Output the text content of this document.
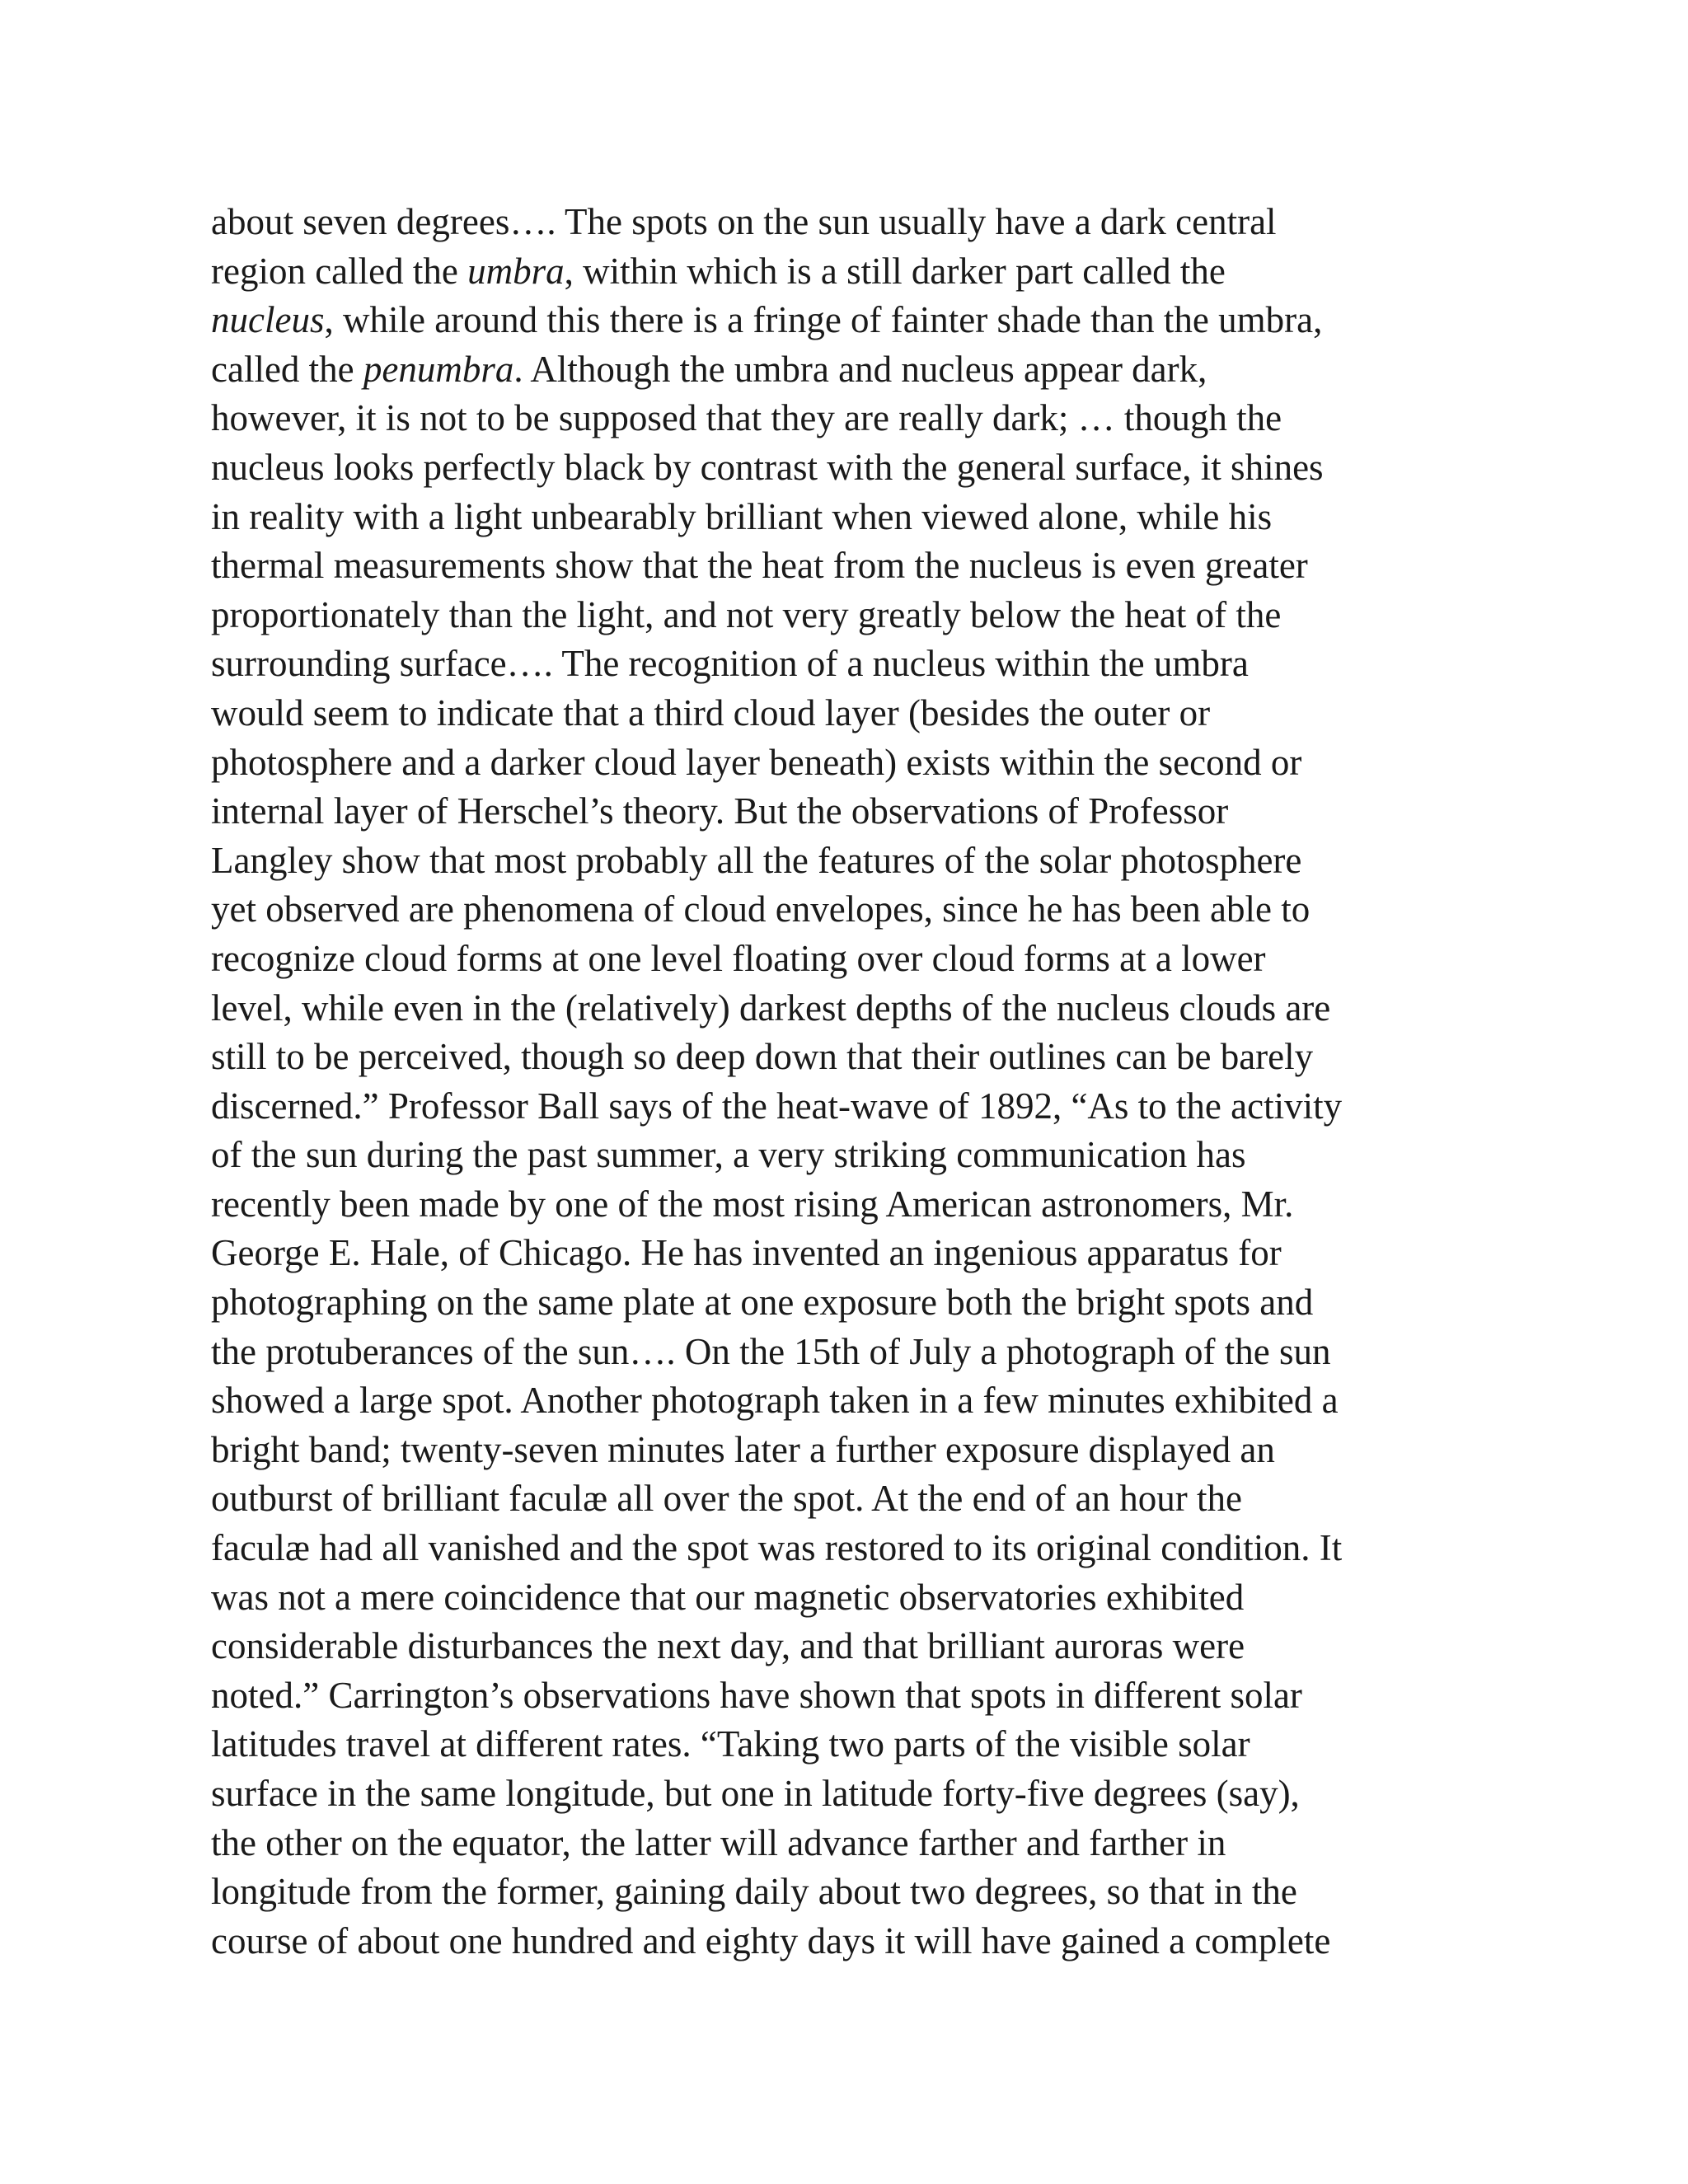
about seven degrees…. The spots on the sun usually have a dark central
region called the umbra, within which is a still darker part called the
nucleus, while around this there is a fringe of fainter shade than the umbra,
called the penumbra. Although the umbra and nucleus appear dark,
however, it is not to be supposed that they are really dark; … though the
nucleus looks perfectly black by contrast with the general surface, it shines
in reality with a light unbearably brilliant when viewed alone, while his
thermal measurements show that the heat from the nucleus is even greater
proportionately than the light, and not very greatly below the heat of the
surrounding surface…. The recognition of a nucleus within the umbra
would seem to indicate that a third cloud layer (besides the outer or
photosphere and a darker cloud layer beneath) exists within the second or
internal layer of Herschel’s theory. But the observations of Professor
Langley show that most probably all the features of the solar photosphere
yet observed are phenomena of cloud envelopes, since he has been able to
recognize cloud forms at one level floating over cloud forms at a lower
level, while even in the (relatively) darkest depths of the nucleus clouds are
still to be perceived, though so deep down that their outlines can be barely
discerned.” Professor Ball says of the heat-wave of 1892, “As to the activity
of the sun during the past summer, a very striking communication has
recently been made by one of the most rising American astronomers, Mr.
George E. Hale, of Chicago. He has invented an ingenious apparatus for
photographing on the same plate at one exposure both the bright spots and
the protuberances of the sun…. On the 15th of July a photograph of the sun
showed a large spot. Another photograph taken in a few minutes exhibited a
bright band; twenty-seven minutes later a further exposure displayed an
outburst of brilliant faculæ all over the spot. At the end of an hour the
faculæ had all vanished and the spot was restored to its original condition. It
was not a mere coincidence that our magnetic observatories exhibited
considerable disturbances the next day, and that brilliant auroras were
noted.” Carrington’s observations have shown that spots in different solar
latitudes travel at different rates. “Taking two parts of the visible solar
surface in the same longitude, but one in latitude forty-five degrees (say),
the other on the equator, the latter will advance farther and farther in
longitude from the former, gaining daily about two degrees, so that in the
course of about one hundred and eighty days it will have gained a complete
